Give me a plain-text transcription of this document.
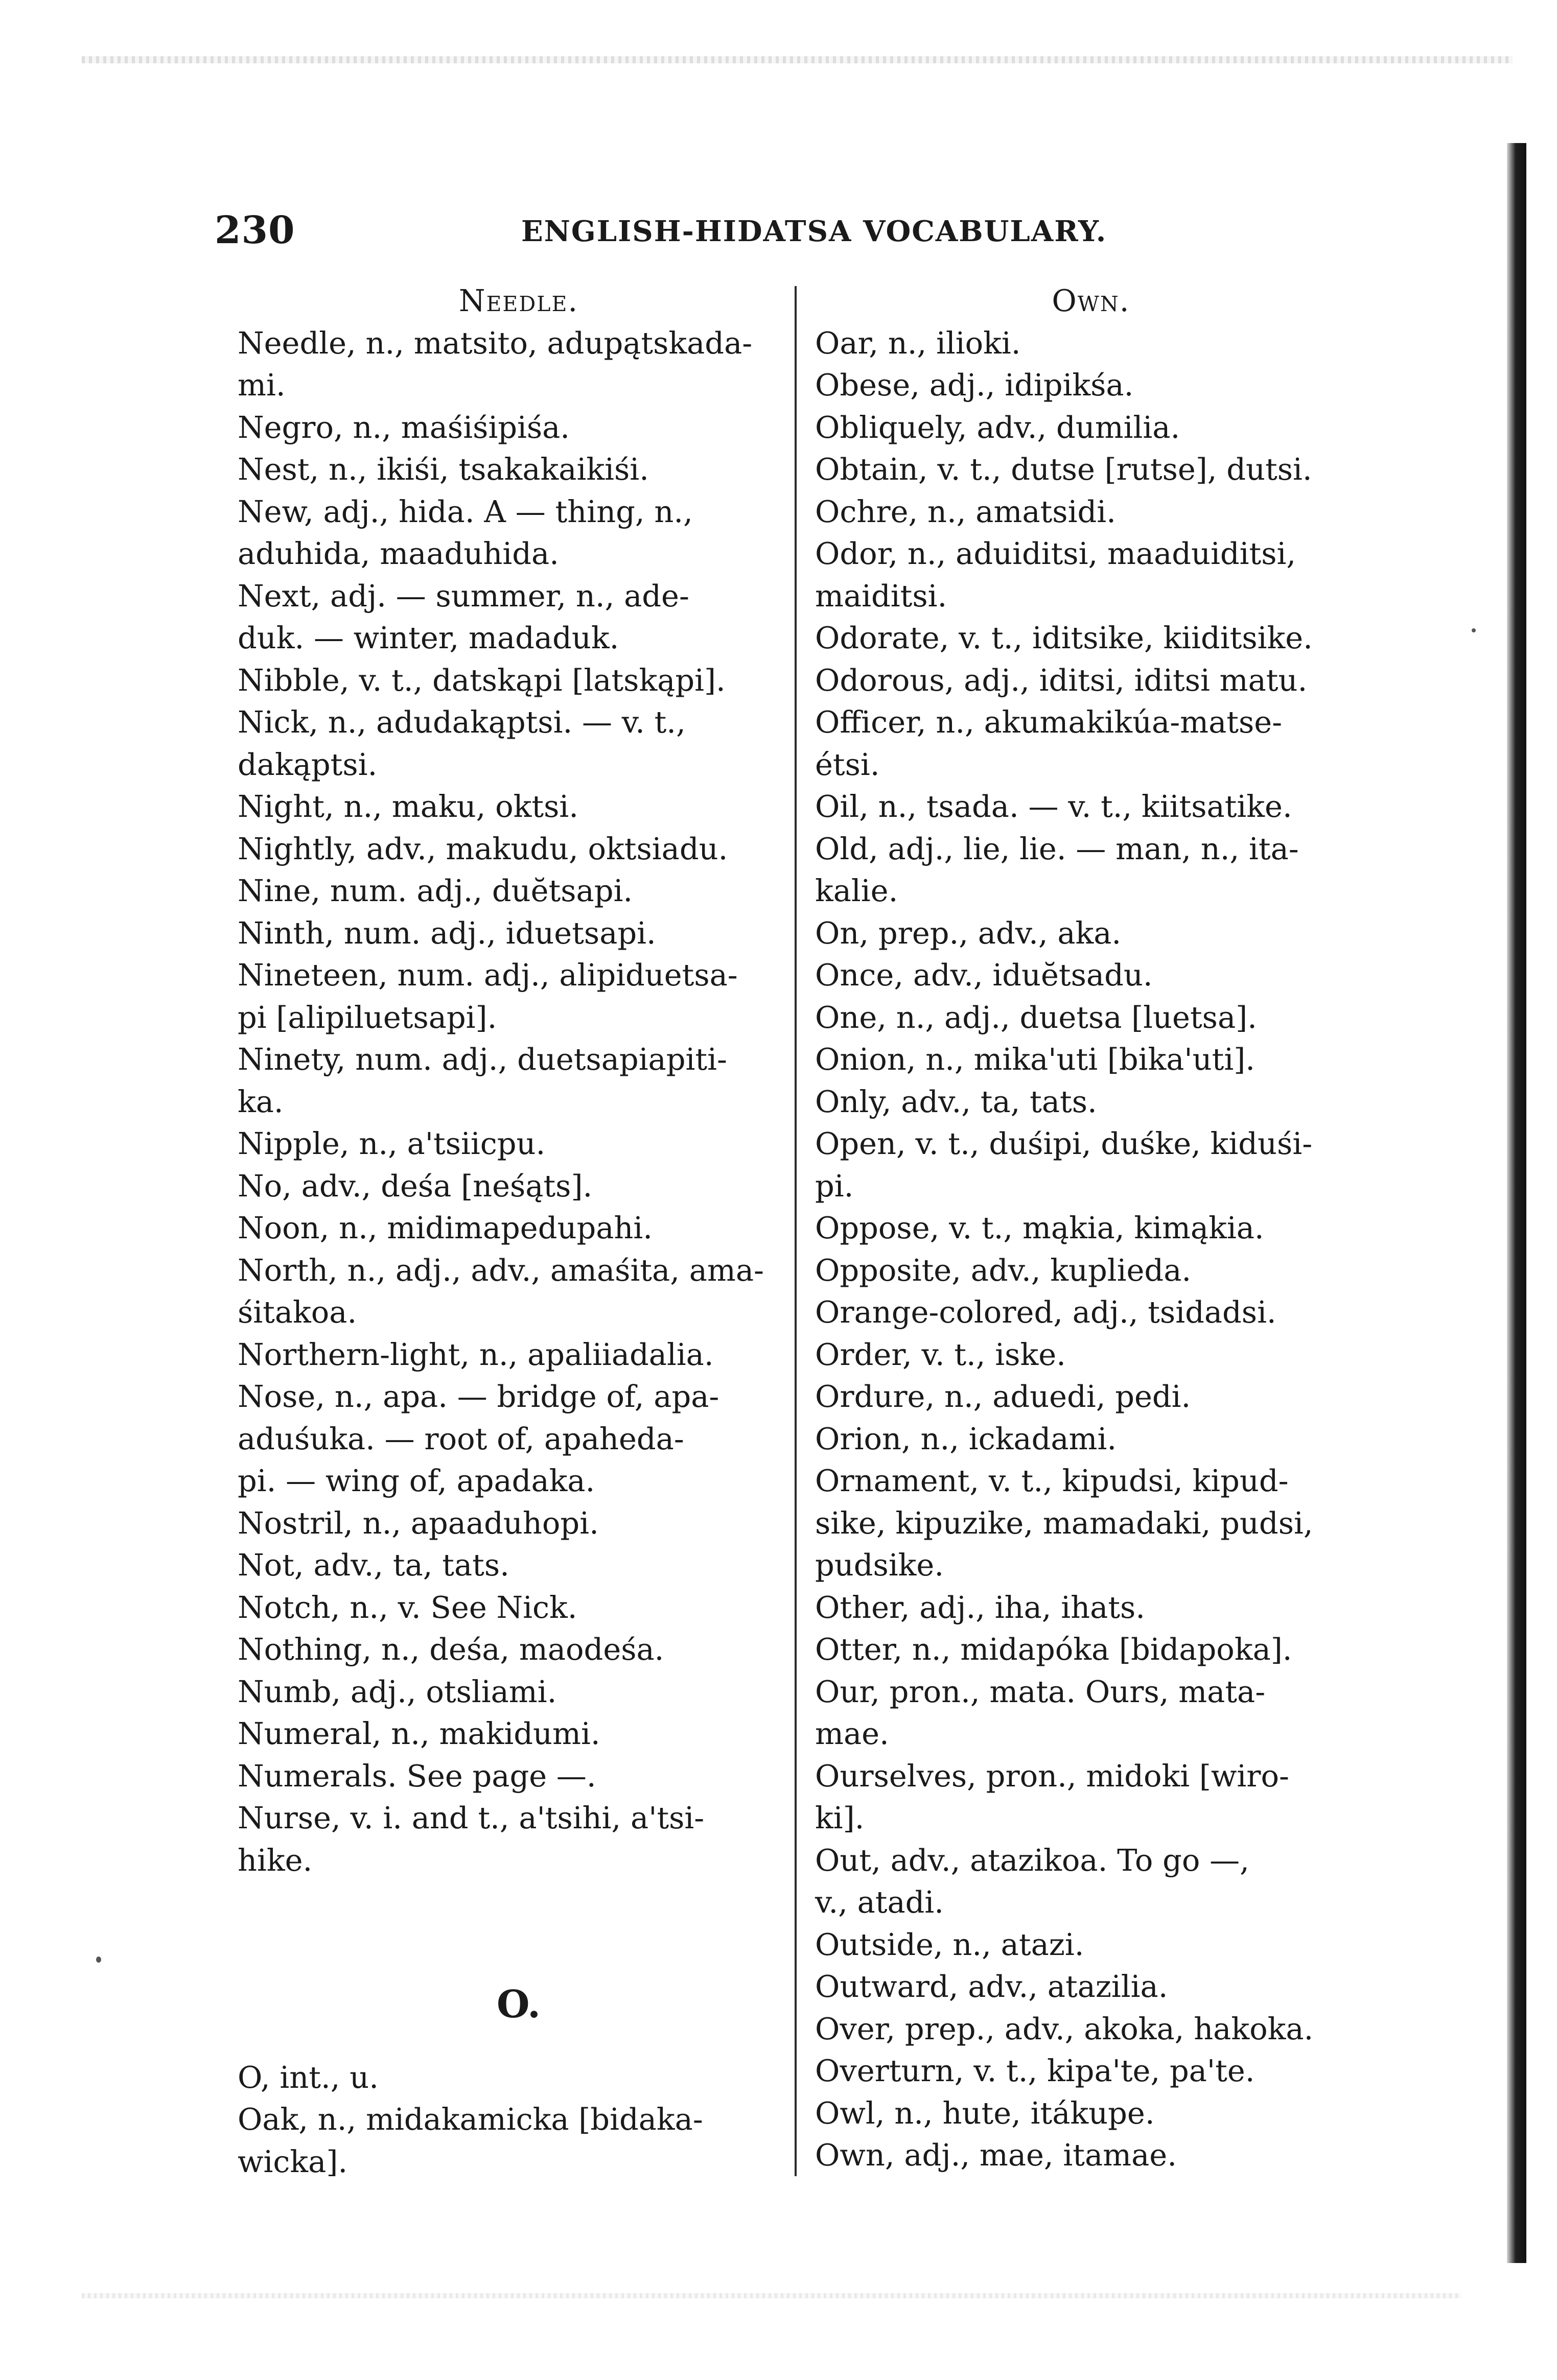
230	ENGLISH-HIDATSA VOCABULARY.
Needle.
Needle, n., matsito, adupątskada-
mi.
Negro, n., maśiśipiśa.
Nest, n., ikiśi, tsakakaikiśi.
New, adj., hida. A — thing, n.,
aduhida, maaduhida.
Next, adj. — summer, n., ade-
duk. — winter, madaduk.
Nibble, v. t., datskąpi [latskąpi].
Nick, n., adudakąptsi. — v. t.,
dakąptsi.
Night, n., maku, oktsi.
Nightly, adv., makudu, oktsiadu.
Nine, num. adj., duĕtsapi.
Ninth, num. adj., iduetsapi.
Nineteen, num. adj., alipiduetsa-
pi [alipiluetsapi].
Ninety, num. adj., duetsapiapiti-
ka.
Nipple, n., a'tsiicpu.
No, adv., deśa [neśąts].
Noon, n., midimapedupahi.
North, n., adj., adv., amaśita, ama-
śitakoa.
Northern-light, n., apaliiadalia.
Nose, n., apa. — bridge of, apa-
aduśuka. — root of, apaheda-
pi. — wing of, apadaka.
Nostril, n., apaaduhopi.
Not, adv., ta, tats.
Notch, n., v. See Nick.
Nothing, n., deśa, maodeśa.
Numb, adj., otsliami.
Numeral, n., makidumi.
Numerals. See page —.
Nurse, v. i. and t., a'tsihi, a'tsi-
hike.
O.
O, int., u.
Oak, n., midakamicka [bidaka-
wicka].
Own.
Oar, n., ilioki.
Obese, adj., idipikśa.
Obliquely, adv., dumilia.
Obtain, v. t., dutse [rutse], dutsi.
Ochre, n., amatsidi.
Odor, n., aduiditsi, maaduiditsi,
maiditsi.
Odorate, v. t., iditsike, kiiditsike.
Odorous, adj., iditsi, iditsi matu.
Officer, n., akumakikúa-matse-
étsi.
Oil, n., tsada. — v. t., kiitsatike.
Old, adj., lie, lie. — man, n., ita-
kalie.
On, prep., adv., aka.
Once, adv., iduĕtsadu.
One, n., adj., duetsa [luetsa].
Onion, n., mika'uti [bika'uti].
Only, adv., ta, tats.
Open, v. t., duśipi, duśke, kiduśi-
pi.
Oppose, v. t., mąkia, kimąkia.
Opposite, adv., kuplieda.
Orange-colored, adj., tsidadsi.
Order, v. t., iske.
Ordure, n., aduedi, pedi.
Orion, n., ickadami.
Ornament, v. t., kipudsi, kipud-
sike, kipuzike, mamadaki, pudsi,
pudsike.
Other, adj., iha, ihats.
Otter, n., midapóka [bidapoka].
Our, pron., mata. Ours, mata-
mae.
Ourselves, pron., midoki [wiro-
ki].
Out, adv., atazikoa. To go —,
v., atadi.
Outside, n., atazi.
Outward, adv., atazilia.
Over, prep., adv., akoka, hakoka.
Overturn, v. t., kipa'te, pa'te.
Owl, n., hute, itákupe.
Own, adj., mae, itamae.
